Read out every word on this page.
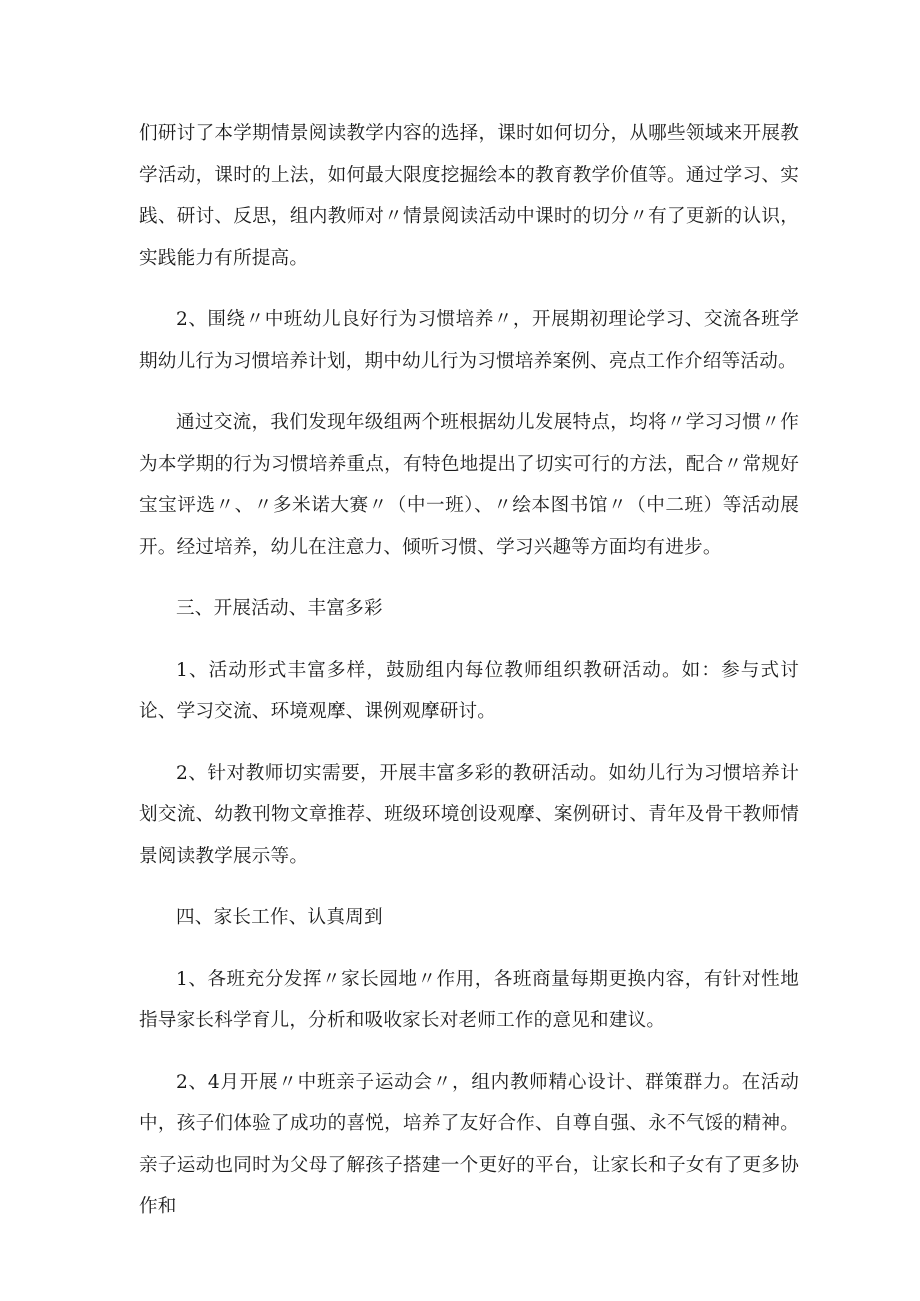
们研讨了本学期情景阅读教学内容的选择，课时如何切分，从哪些领域来开展教学活动，课时的上法，如何最大限度挖掘绘本的教育教学价值等。通过学习、实践、研讨、反思，组内教师对〃情景阅读活动中课时的切分〃有了更新的认识，实践能力有所提高。

2、围绕〃中班幼儿良好行为习惯培养〃，开展期初理论学习、交流各班学期幼儿行为习惯培养计划，期中幼儿行为习惯培养案例、亮点工作介绍等活动。

通过交流，我们发现年级组两个班根据幼儿发展特点，均将〃学习习惯〃作为本学期的行为习惯培养重点，有特色地提出了切实可行的方法，配合〃常规好宝宝评选〃、〃多米诺大赛〃（中一班）、〃绘本图书馆〃（中二班）等活动展开。经过培养，幼儿在注意力、倾听习惯、学习兴趣等方面均有进步。

三、开展活动、丰富多彩

1、活动形式丰富多样，鼓励组内每位教师组织教研活动。如：参与式讨论、学习交流、环境观摩、课例观摩研讨。

2、针对教师切实需要，开展丰富多彩的教研活动。如幼儿行为习惯培养计划交流、幼教刊物文章推荐、班级环境创设观摩、案例研讨、青年及骨干教师情景阅读教学展示等。

四、家长工作、认真周到

1、各班充分发挥〃家长园地〃作用，各班商量每期更换内容，有针对性地指导家长科学育儿，分析和吸收家长对老师工作的意见和建议。

2、4月开展〃中班亲子运动会〃，组内教师精心设计、群策群力。在活动中，孩子们体验了成功的喜悦，培养了友好合作、自尊自强、永不气馁的精神。亲子运动也同时为父母了解孩子搭建一个更好的平台，让家长和子女有了更多协作和
